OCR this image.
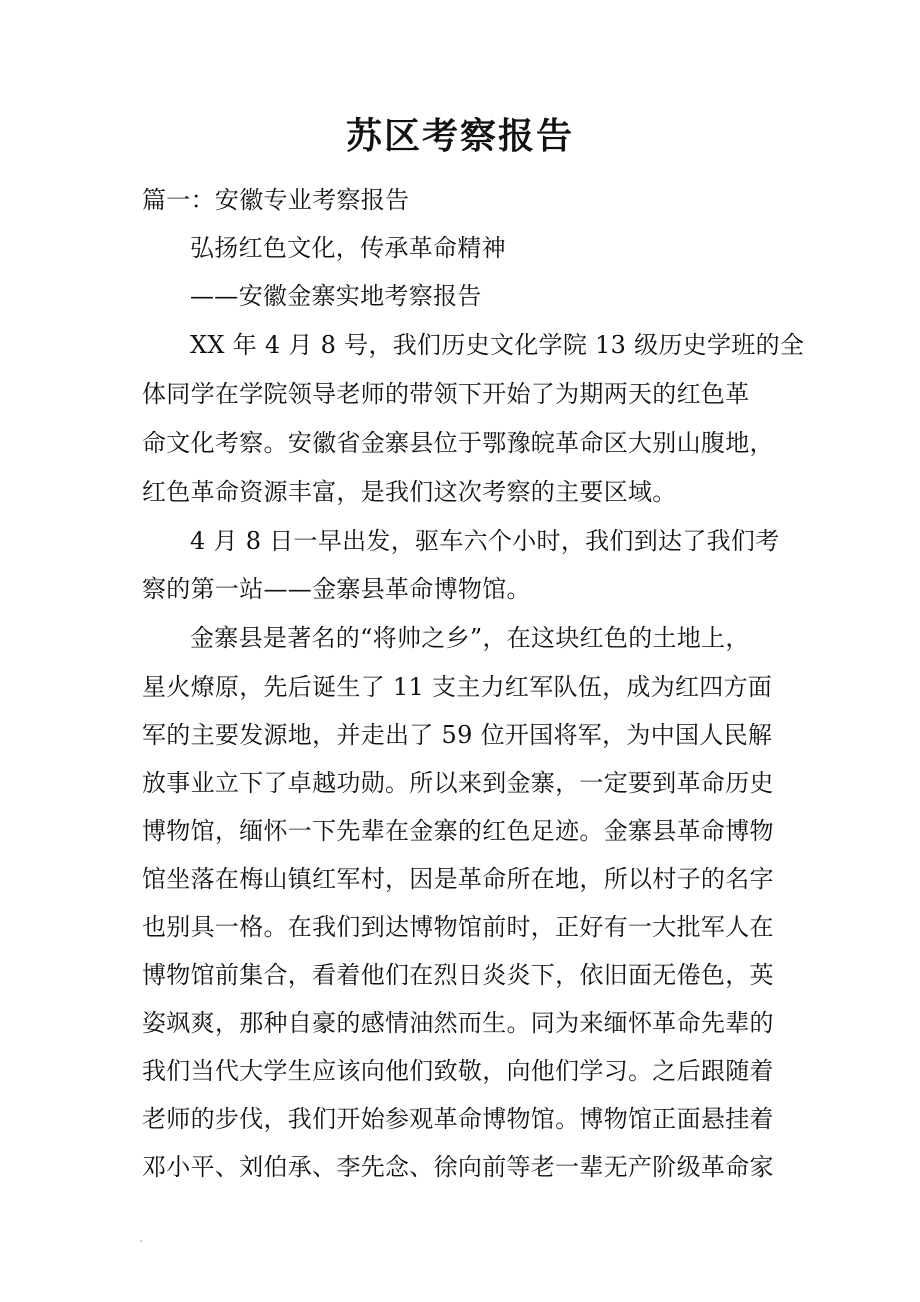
苏区考察报告
篇一：安徽专业考察报告
弘扬红色文化，传承革命精神
——安徽金寨实地考察报告
XX 年 4 月 8 号，我们历史文化学院 13 级历史学班的全
体同学在学院领导老师的带领下开始了为期两天的红色革
命文化考察。安徽省金寨县位于鄂豫皖革命区大别山腹地，
红色革命资源丰富，是我们这次考察的主要区域。
4 月 8 日一早出发，驱车六个小时，我们到达了我们考
察的第一站——金寨县革命博物馆。
金寨县是著名的“将帅之乡”，在这块红色的土地上，
星火燎原，先后诞生了 11 支主力红军队伍，成为红四方面
军的主要发源地，并走出了 59 位开国将军，为中国人民解
放事业立下了卓越功勋。所以来到金寨，一定要到革命历史
博物馆，缅怀一下先辈在金寨的红色足迹。金寨县革命博物
馆坐落在梅山镇红军村，因是革命所在地，所以村子的名字
也别具一格。在我们到达博物馆前时，正好有一大批军人在
博物馆前集合，看着他们在烈日炎炎下，依旧面无倦色，英
姿飒爽，那种自豪的感情油然而生。同为来缅怀革命先辈的
我们当代大学生应该向他们致敬，向他们学习。之后跟随着
老师的步伐，我们开始参观革命博物馆。博物馆正面悬挂着
邓小平、刘伯承、李先念、徐向前等老一辈无产阶级革命家
